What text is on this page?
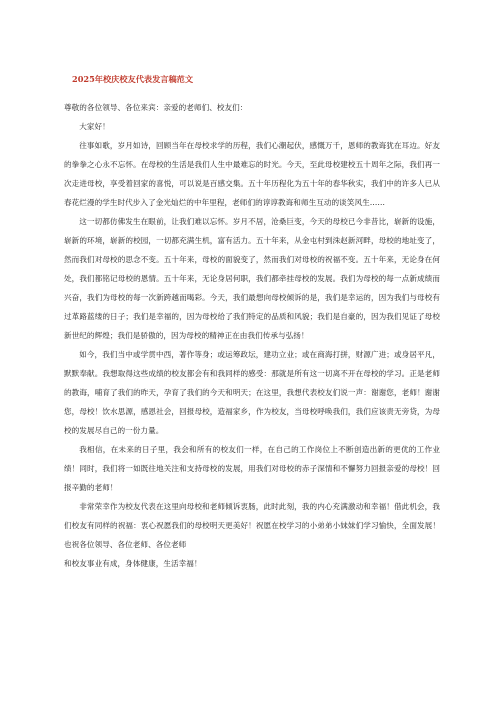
2025年校庆校友代表发言稿范文

尊敬的各位领导、各位来宾：亲爱的老师们、校友们：

大家好！

往事如歌，岁月如诗，回顾当年在母校求学的历程，我们心潮起伏，感慨万千，恩师的教诲犹在耳边。好友的拳拳之心永不忘怀。在母校的生活是我们人生中最难忘的时光。今天，至此母校建校五十周年之际，我们再一次走进母校，享受着回家的喜悦，可以说是百感交集。五十年历程化为五十年的春华秋实，我们中的许多人已从春花烂漫的学生时代步入了金光灿烂的中年里程，老师们的谆谆教诲和师生互动的谈笑风生……

这一切都仿佛发生在眼前，让我们难以忘怀。岁月不居，沧桑巨变，今天的母校已今非昔比，崭新的设施，崭新的环境，崭新的校园，一切都充满生机，富有活力。五十年来，从金屯村到洙赵新河畔，母校的地址变了，然而我们对母校的思念不变。五十年来，母校的面貌变了，然而我们对母校的祝福不变。五十年来，无论身在何处，我们都铭记母校的恩情。五十年来，无论身居何职，我们都牵挂母校的发展。我们为母校的每一点新成绩而兴奋，我们为母校的每一次新跨越而喝彩。今天，我们最想向母校倾诉的是，我们是幸运的，因为我们与母校有过革路蓝缕的日子；我们是幸福的，因为母校给了我们特定的品质和风貌；我们是自豪的，因为我们见证了母校新世纪的辉煌；我们是骄傲的，因为母校的精神正在由我们传承与弘扬！

如今，我们当中或学贯中西，著作等身；或运筹政坛，建功立业；或在商海打拼，财源广进；或身居平凡，默默奉献。我想取得这些成绩的校友都会有和我同样的感受：那就是所有这一切离不开在母校的学习。正是老师的教诲，哺育了我们的昨天，孕育了我们的今天和明天；在这里，我想代表校友们说一声：谢谢您，老师！谢谢您，母校！饮水思源，感恩社会，回报母校，造福家乡，作为校友，当母校呼唤我们，我们应该责无旁贷，为母校的发展尽自己的一份力量。

我相信，在未来的日子里，我会和所有的校友们一样，在自己的工作岗位上不断创造出新的更优的工作业绩！同时，我们将一如既往地关注和支持母校的发展，用我们对母校的赤子深情和不懈努力回报亲爱的母校！回报辛勤的老师！

非常荣幸作为校友代表在这里向母校和老师倾诉衷肠，此时此刻，我的内心充满激动和幸福！借此机会，我们校友有同样的祝福：衷心祝愿我们的母校明天更美好！祝愿在校学习的小弟弟小妹妹们学习愉快，全面发展！也祝各位领导、各位老师、各位老师

和校友事业有成，身体健康，生活幸福！
